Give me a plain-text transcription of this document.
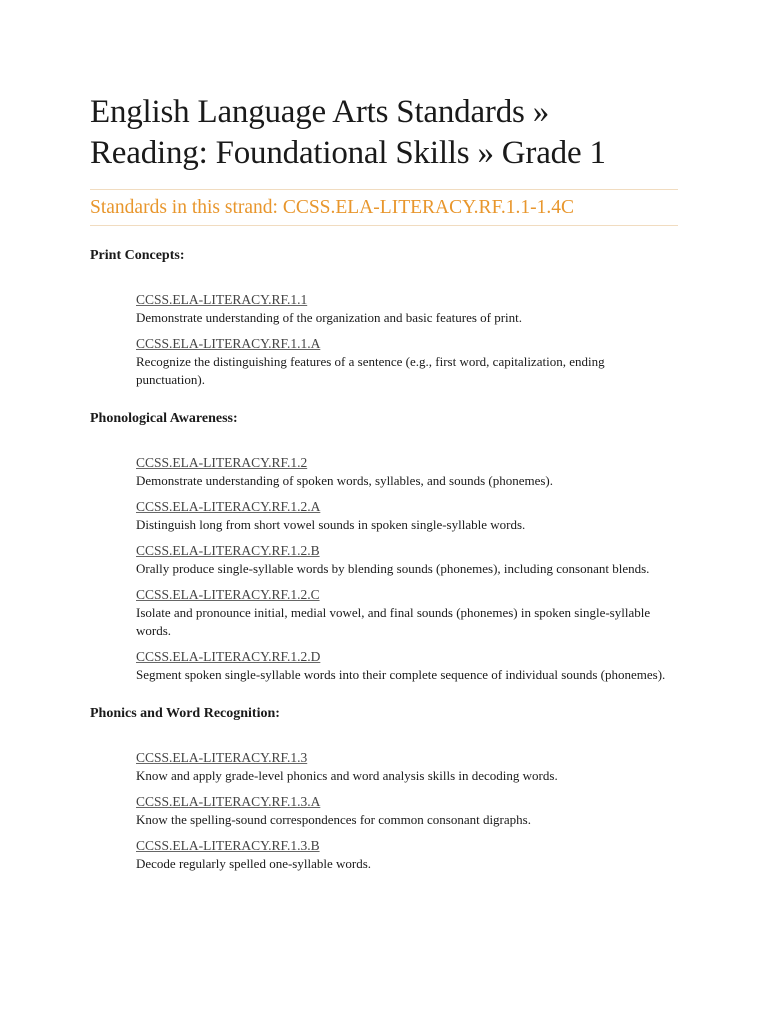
English Language Arts Standards »
Reading: Foundational Skills » Grade 1
Standards in this strand: CCSS.ELA-LITERACY.RF.1.1-1.4C
Print Concepts:
CCSS.ELA-LITERACY.RF.1.1
Demonstrate understanding of the organization and basic features of print.
CCSS.ELA-LITERACY.RF.1.1.A
Recognize the distinguishing features of a sentence (e.g., first word, capitalization, ending punctuation).
Phonological Awareness:
CCSS.ELA-LITERACY.RF.1.2
Demonstrate understanding of spoken words, syllables, and sounds (phonemes).
CCSS.ELA-LITERACY.RF.1.2.A
Distinguish long from short vowel sounds in spoken single-syllable words.
CCSS.ELA-LITERACY.RF.1.2.B
Orally produce single-syllable words by blending sounds (phonemes), including consonant blends.
CCSS.ELA-LITERACY.RF.1.2.C
Isolate and pronounce initial, medial vowel, and final sounds (phonemes) in spoken single-syllable words.
CCSS.ELA-LITERACY.RF.1.2.D
Segment spoken single-syllable words into their complete sequence of individual sounds (phonemes).
Phonics and Word Recognition:
CCSS.ELA-LITERACY.RF.1.3
Know and apply grade-level phonics and word analysis skills in decoding words.
CCSS.ELA-LITERACY.RF.1.3.A
Know the spelling-sound correspondences for common consonant digraphs.
CCSS.ELA-LITERACY.RF.1.3.B
Decode regularly spelled one-syllable words.
